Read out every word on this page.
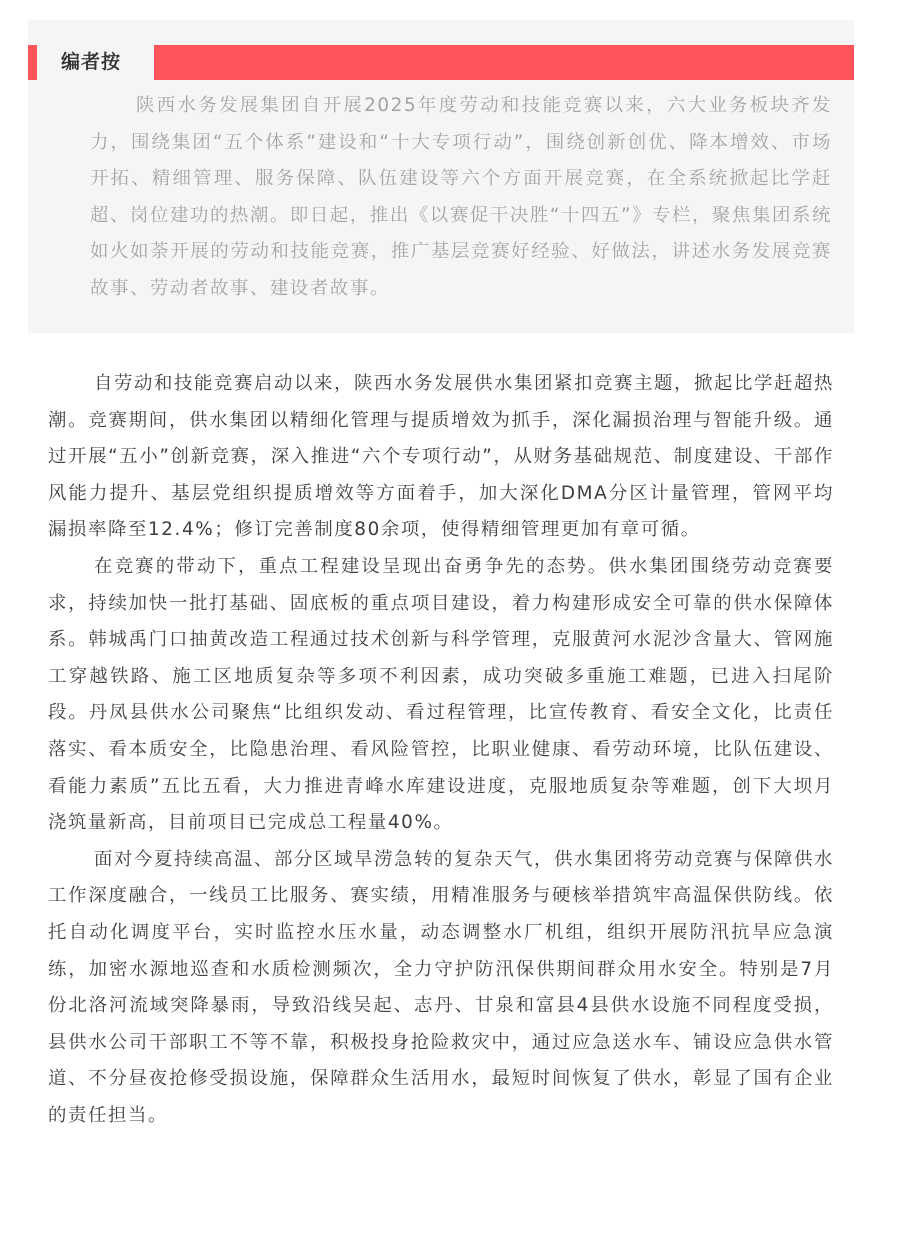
编者按

陕西水务发展集团自开展2025年度劳动和技能竞赛以来，六大业务板块齐发力，围绕集团“五个体系”建设和“十大专项行动”，围绕创新创优、降本增效、市场开拓、精细管理、服务保障、队伍建设等六个方面开展竞赛，在全系统掀起比学赶超、岗位建功的热潮。即日起，推出《以赛促干决胜“十四五”》专栏，聚焦集团系统如火如荼开展的劳动和技能竞赛，推广基层竞赛好经验、好做法，讲述水务发展竞赛故事、劳动者故事、建设者故事。

自劳动和技能竞赛启动以来，陕西水务发展供水集团紧扣竞赛主题，掀起比学赶超热潮。竞赛期间，供水集团以精细化管理与提质增效为抓手，深化漏损治理与智能升级。通过开展“五小”创新竞赛，深入推进“六个专项行动”，从财务基础规范、制度建设、干部作风能力提升、基层党组织提质增效等方面着手，加大深化DMA分区计量管理，管网平均漏损率降至12.4%；修订完善制度80余项，使得精细管理更加有章可循。

在竞赛的带动下，重点工程建设呈现出奋勇争先的态势。供水集团围绕劳动竞赛要求，持续加快一批打基础、固底板的重点项目建设，着力构建形成安全可靠的供水保障体系。韩城禹门口抽黄改造工程通过技术创新与科学管理，克服黄河水泥沙含量大、管网施工穿越铁路、施工区地质复杂等多项不利因素，成功突破多重施工难题，已进入扫尾阶段。丹凤县供水公司聚焦“比组织发动、看过程管理，比宣传教育、看安全文化，比责任落实、看本质安全，比隐患治理、看风险管控，比职业健康、看劳动环境，比队伍建设、看能力素质”五比五看，大力推进青峰水库建设进度，克服地质复杂等难题，创下大坝月浇筑量新高，目前项目已完成总工程量40%。

面对今夏持续高温、部分区域旱涝急转的复杂天气，供水集团将劳动竞赛与保障供水工作深度融合，一线员工比服务、赛实绩，用精准服务与硬核举措筑牢高温保供防线。依托自动化调度平台，实时监控水压水量，动态调整水厂机组，组织开展防汛抗旱应急演练，加密水源地巡查和水质检测频次，全力守护防汛保供期间群众用水安全。特别是7月份北洛河流域突降暴雨，导致沿线吴起、志丹、甘泉和富县4县供水设施不同程度受损，县供水公司干部职工不等不靠，积极投身抢险救灾中，通过应急送水车、铺设应急供水管道、不分昼夜抢修受损设施，保障群众生活用水，最短时间恢复了供水，彰显了国有企业的责任担当。
